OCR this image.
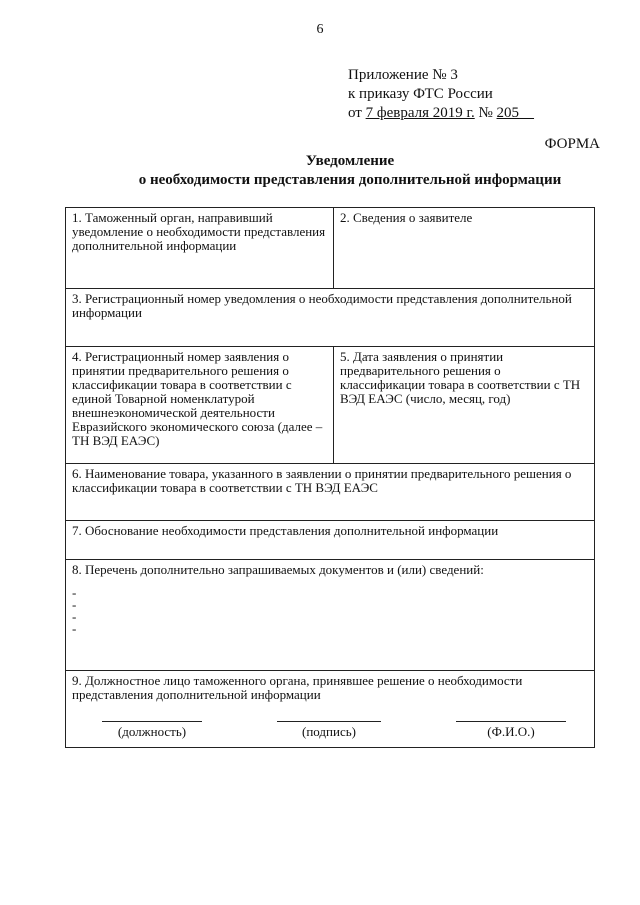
6
Приложение № 3
к приказу ФТС России
от 7 февраля 2019 г. № 205
ФОРМА
Уведомление
о необходимости представления дополнительной информации
1. Таможенный орган, направивший уведомление о необходимости представления дополнительной информации
2. Сведения о заявителе
3. Регистрационный номер уведомления о необходимости представления дополнительной информации
4. Регистрационный номер заявления о принятии предварительного решения о классификации товара в соответствии с единой Товарной номенклатурой внешнеэкономической деятельности Евразийского экономического союза (далее – ТН ВЭД ЕАЭС)
5. Дата заявления о принятии предварительного решения о классификации товара в соответствии с ТН ВЭД ЕАЭС (число, месяц, год)
6. Наименование товара, указанного в заявлении о принятии предварительного решения о классификации товара в соответствии с ТН ВЭД ЕАЭС
7. Обоснование необходимости представления дополнительной информации
8. Перечень дополнительно запрашиваемых документов и (или) сведений:
-
-
-
-
9. Должностное лицо таможенного органа, принявшее решение о необходимости представления дополнительной информации
(должность)	(подпись)	(Ф.И.О.)
